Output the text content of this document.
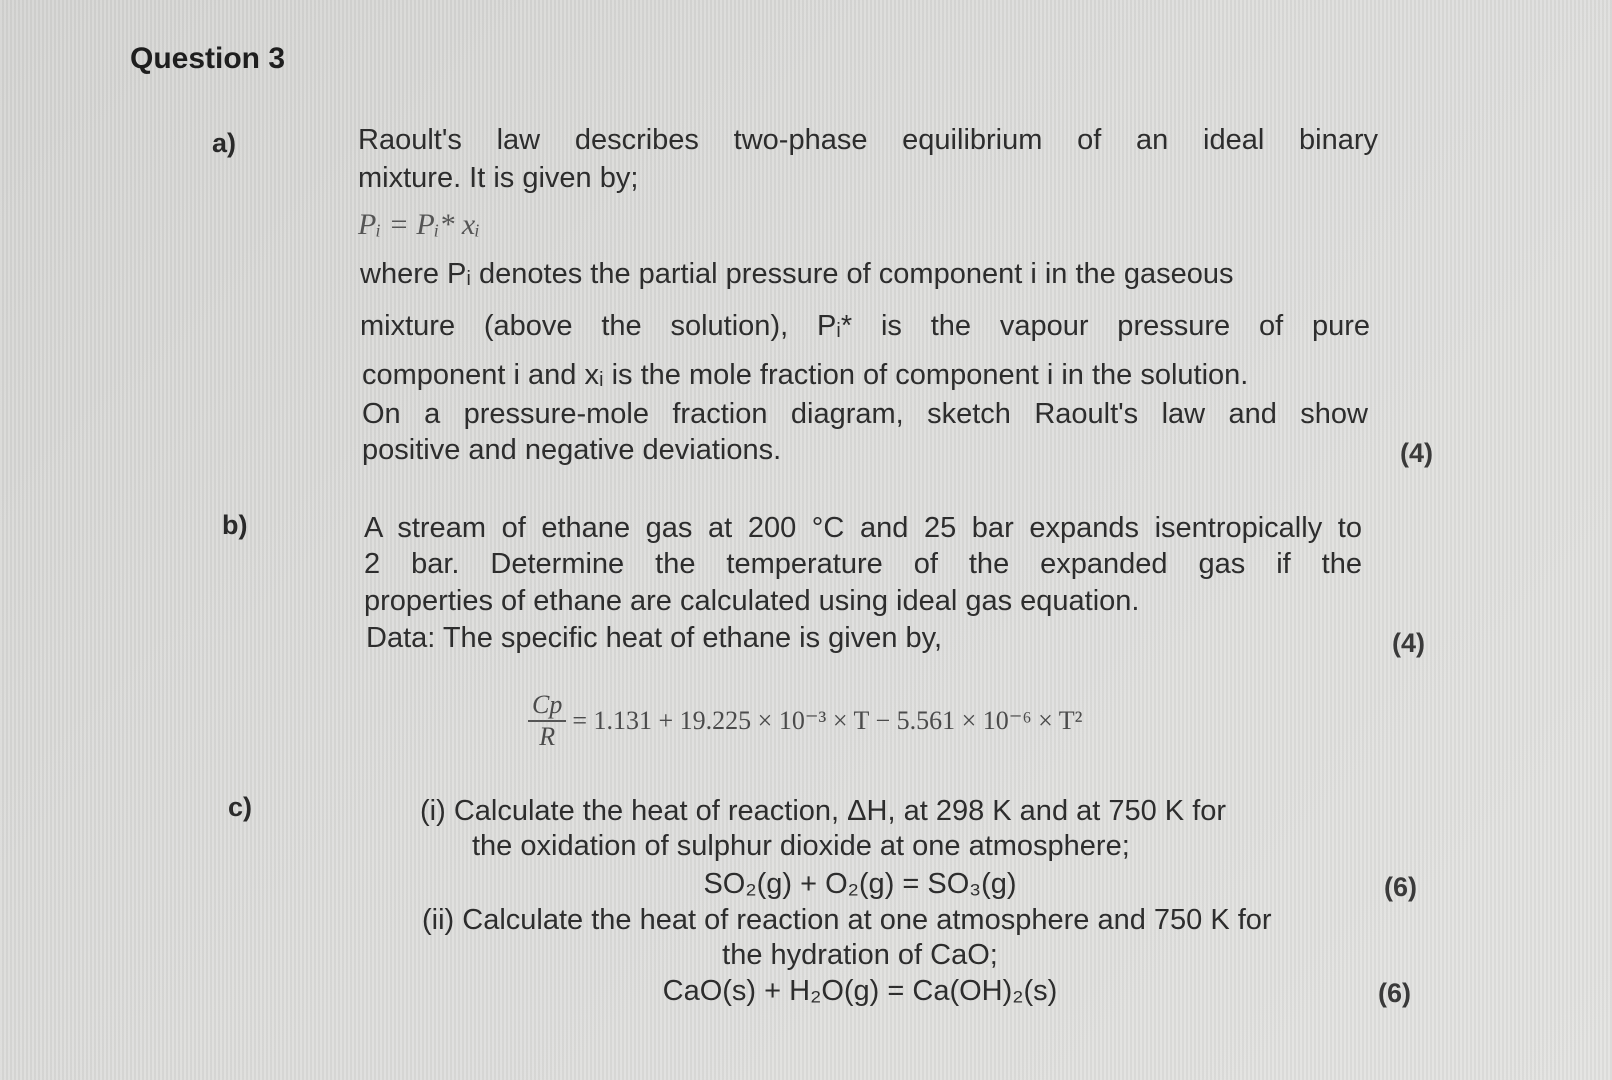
Question 3
a)	Raoult's law describes two-phase equilibrium of an ideal binary
mixture. It is given by;
Pᵢ = Pᵢ* xᵢ
where Pᵢ denotes the partial pressure of component i in the gaseous
mixture (above the solution), Pᵢ* is the vapour pressure of pure
component i and xᵢ is the mole fraction of component i in the solution.
On a pressure-mole fraction diagram, sketch Raoult's law and show
positive and negative deviations.	(4)
b)	A stream of ethane gas at 200 °C and 25 bar expands isentropically to
2 bar. Determine the temperature of the expanded gas if the
properties of ethane are calculated using ideal gas equation.
Data: The specific heat of ethane is given by,	(4)
$\frac{Cp}{R} = 1.131 + 19.225 \times 10^{-3} \times T - 5.561 \times 10^{-6} \times T^2$
c)	(i) Calculate the heat of reaction, ΔH, at 298 K and at 750 K for
the oxidation of sulphur dioxide at one atmosphere;
SO₂(g) + O₂(g) = SO₃(g)	(6)
(ii) Calculate the heat of reaction at one atmosphere and 750 K for
the hydration of CaO;
CaO(s) + H₂O(g) = Ca(OH)₂(s)	(6)
